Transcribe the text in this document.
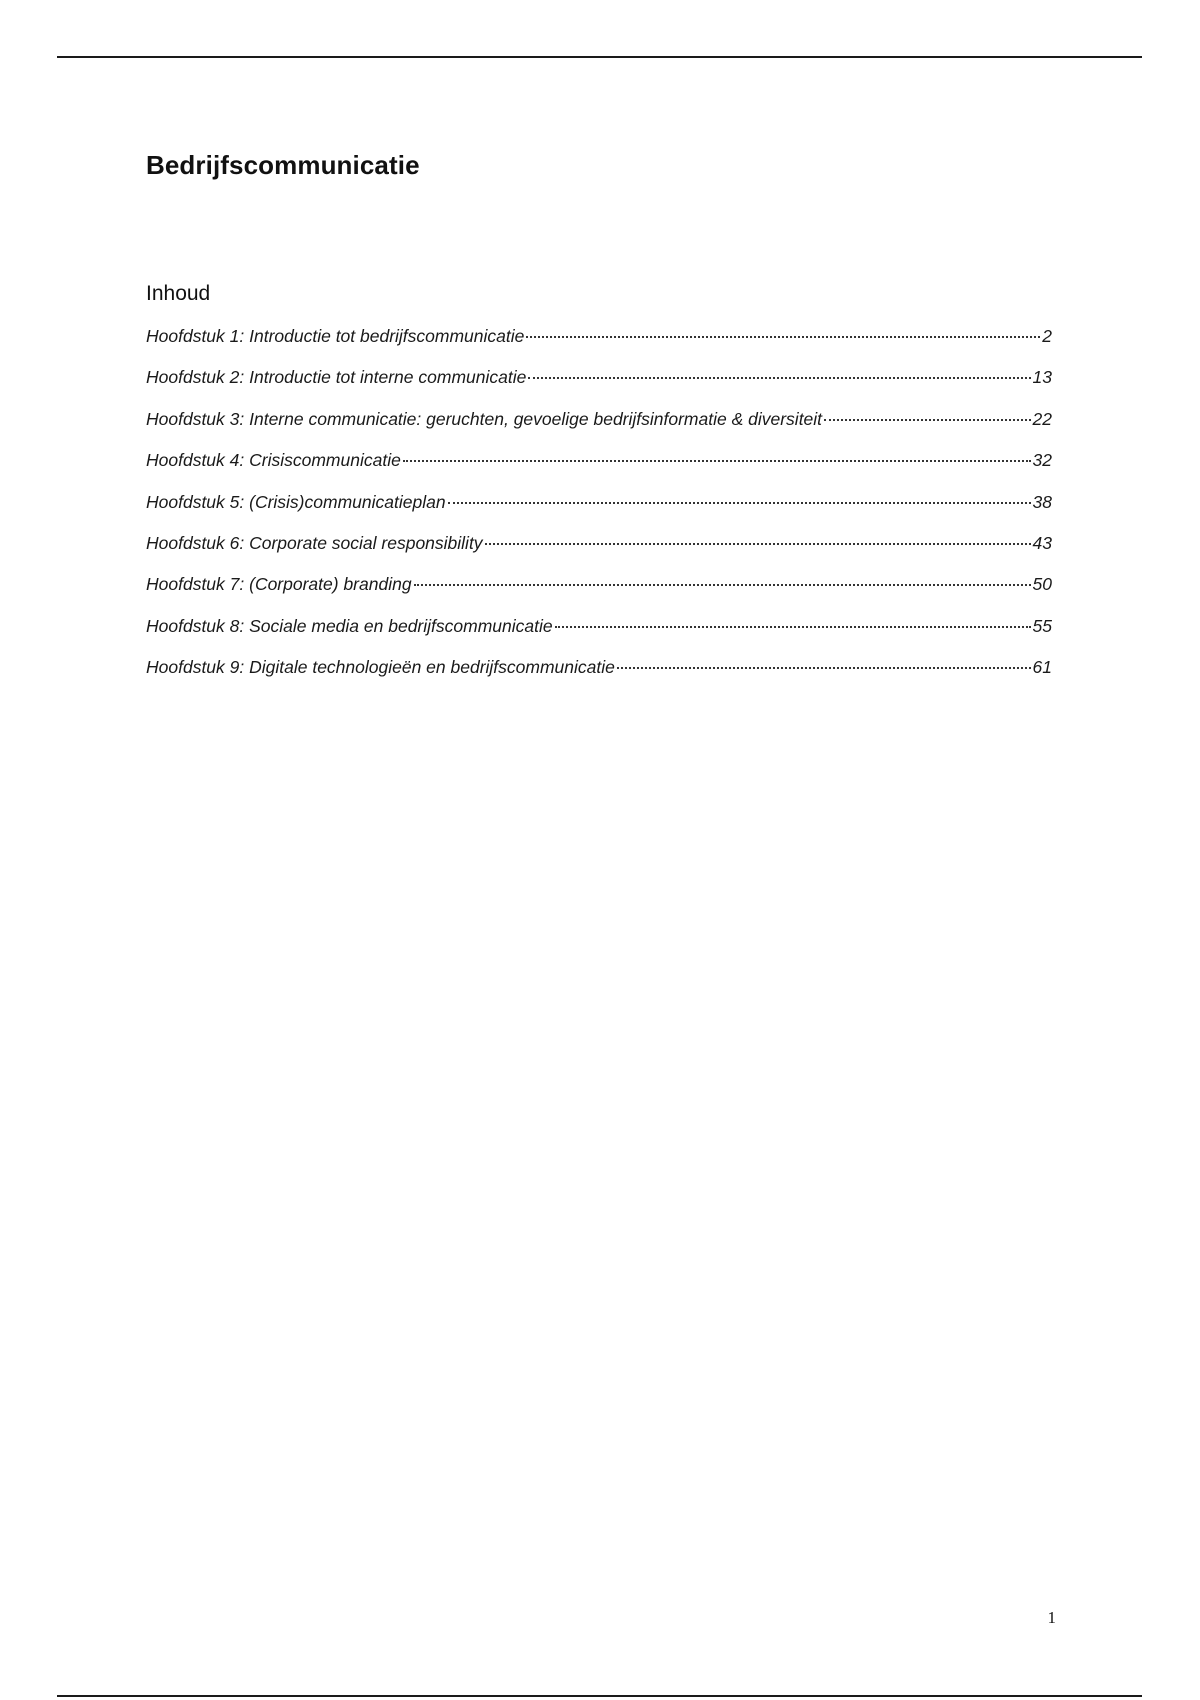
Bedrijfscommunicatie
Inhoud
Hoofdstuk 1: Introductie tot bedrijfscommunicatie	2
Hoofdstuk 2: Introductie tot interne communicatie	13
Hoofdstuk 3: Interne communicatie: geruchten, gevoelige bedrijfsinformatie & diversiteit	22
Hoofdstuk 4: Crisiscommunicatie	32
Hoofdstuk 5: (Crisis)communicatieplan	38
Hoofdstuk 6: Corporate social responsibility	43
Hoofdstuk 7: (Corporate) branding	50
Hoofdstuk 8: Sociale media en bedrijfscommunicatie	55
Hoofdstuk 9: Digitale technologieën en bedrijfscommunicatie	61
1
